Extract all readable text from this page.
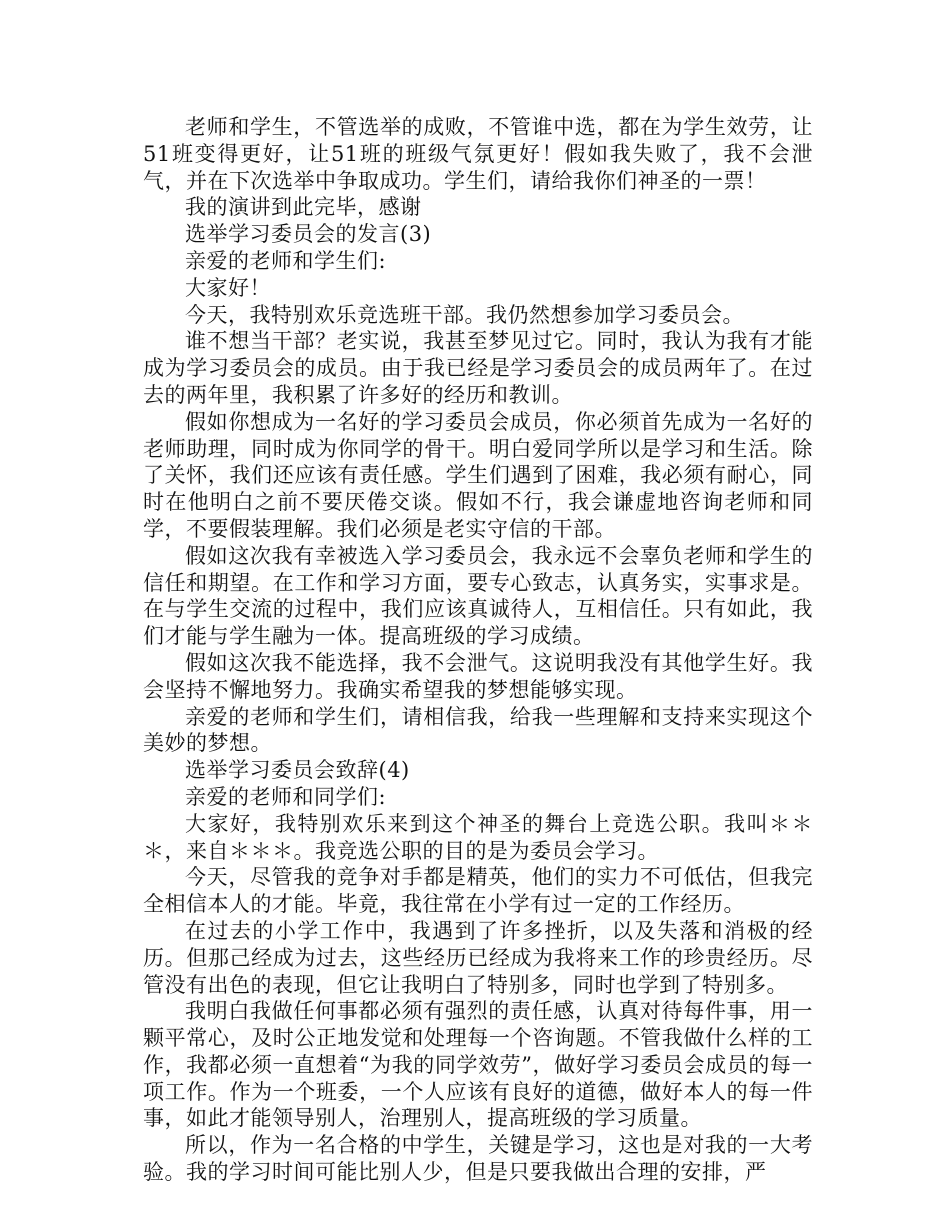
老师和学生，不管选举的成败，不管谁中选，都在为学生效劳，让51班变得更好，让51班的班级气氛更好！假如我失败了，我不会泄气，并在下次选举中争取成功。学生们，请给我你们神圣的一票！

我的演讲到此完毕，感谢

选举学习委员会的发言(3)

亲爱的老师和学生们:

大家好！

今天，我特别欢乐竞选班干部。我仍然想参加学习委员会。

谁不想当干部？老实说，我甚至梦见过它。同时，我认为我有才能成为学习委员会的成员。由于我已经是学习委员会的成员两年了。在过去的两年里，我积累了许多好的经历和教训。

假如你想成为一名好的学习委员会成员，你必须首先成为一名好的老师助理，同时成为你同学的骨干。明白爱同学所以是学习和生活。除了关怀，我们还应该有责任感。学生们遇到了困难，我必须有耐心，同时在他明白之前不要厌倦交谈。假如不行，我会谦虚地咨询老师和同学，不要假装理解。我们必须是老实守信的干部。

假如这次我有幸被选入学习委员会，我永远不会辜负老师和学生的信任和期望。在工作和学习方面，要专心致志，认真务实，实事求是。在与学生交流的过程中，我们应该真诚待人，互相信任。只有如此，我们才能与学生融为一体。提高班级的学习成绩。

假如这次我不能选择，我不会泄气。这说明我没有其他学生好。我会坚持不懈地努力。我确实希望我的梦想能够实现。

亲爱的老师和学生们，请相信我，给我一些理解和支持来实现这个美妙的梦想。

选举学习委员会致辞(4)

亲爱的老师和同学们:

大家好，我特别欢乐来到这个神圣的舞台上竞选公职。我叫＊＊＊，来自＊＊＊。我竞选公职的目的是为委员会学习。

今天，尽管我的竞争对手都是精英，他们的实力不可低估，但我完全相信本人的才能。毕竟，我往常在小学有过一定的工作经历。

在过去的小学工作中，我遇到了许多挫折，以及失落和消极的经历。但那己经成为过去，这些经历已经成为我将来工作的珍贵经历。尽管没有出色的表现，但它让我明白了特别多，同时也学到了特别多。

我明白我做任何事都必须有强烈的责任感，认真对待每件事，用一颗平常心，及时公正地发觉和处理每一个咨询题。不管我做什么样的工作，我都必须一直想着“为我的同学效劳”，做好学习委员会成员的每一项工作。作为一个班委，一个人应该有良好的道德，做好本人的每一件事，如此才能领导别人，治理别人，提高班级的学习质量。

所以，作为一名合格的中学生，关键是学习，这也是对我的一大考验。我的学习时间可能比别人少，但是只要我做出合理的安排，严
